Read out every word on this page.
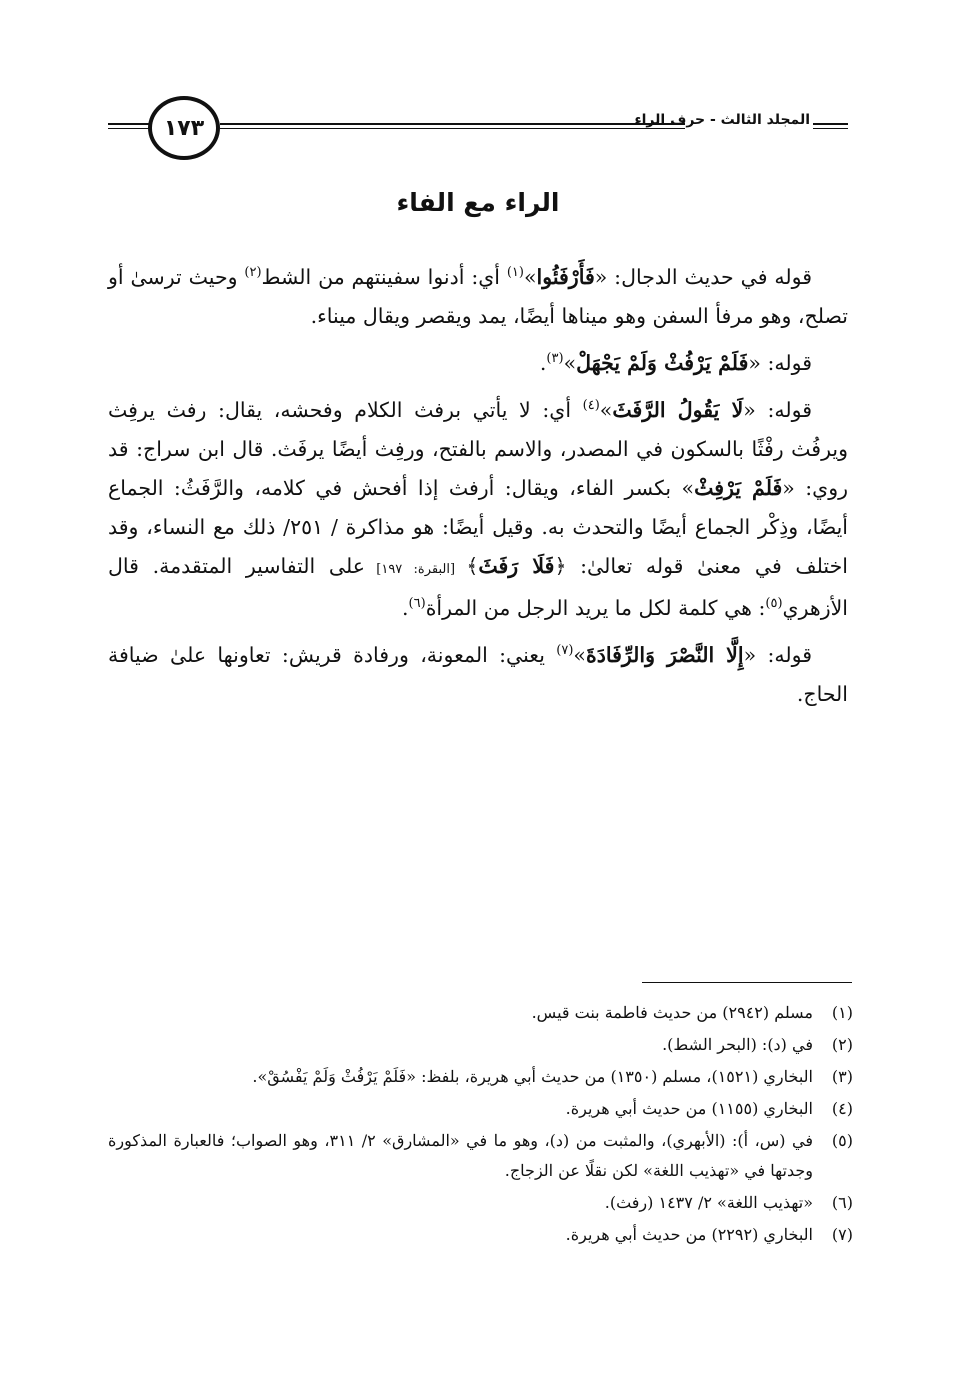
١٧٣	المجلد الثالث - حرف الراء
الراء مع الفاء

قوله في حديث الدجال: «فَأَرْفَئُوا»$^{(١)}$ أي: أدنوا سفينتهم من الشط$^{(٢)}$ وحيث ترسىٰ أو تصلح، وهو مرفأ السفن وهو ميناها أيضًا، يمد ويقصر ويقال ميناء.

قوله: «فَلَمْ يَرْفُثْ وَلَمْ يَجْهَلْ»$^{(٣)}$.

قوله: «لَا يَقُولُ الرَّفَثَ»$^{(٤)}$ أي: لا يأتي برفث الكلام وفحشه، يقال: رفث يرفِث ويرفُث رفْثًا بالسكون في المصدر، والاسم بالفتح، ورفِث أيضًا يرفَث. قال ابن سراج: قد روي: «فَلَمْ يَرْفِثْ» بكسر الفاء، ويقال: أرفث إذا أفحش في كلامه، والرَّفَثُ: الجماع أيضًا، وذِكْر الجماع أيضًا والتحدث به. وقيل أيضًا: هو مذاكرة / ٢٥١/ ذلك مع النساء، وقد اختلف في معنىٰ قوله تعالىٰ: ﴿فَلَا رَفَثَ﴾ [البقرة: ١٩٧] على التفاسير المتقدمة. قال الأزهري$^{(٥)}$: هي كلمة لكل ما يريد الرجل من المرأة$^{(٦)}$.

قوله: «إِلَّا النَّصْرَ وَالرِّفَادَةَ»$^{(٧)}$ يعني: المعونة، ورفادة قريش: تعاونها علىٰ ضيافة الحاج.

(١)
مسلم (٢٩٤٢) من حديث فاطمة بنت قيس.
(٢)
في (د): (البحر الشط).
(٣)
البخاري (١٥٢١)، مسلم (١٣٥٠) من حديث أبي هريرة، بلفظ: «فَلَمْ يَرْفُثْ وَلَمْ يَفْسُقْ».
(٤)
البخاري (١١٥٥) من حديث أبي هريرة.
(٥)
في (س، أ): (الأبهري)، والمثبت من (د)، وهو ما في «المشارق» ٢/ ٣١١، وهو الصواب؛ فالعبارة المذكورة وجدتها في «تهذيب اللغة» لكن نقلًا عن الزجاج.
(٦)
«تهذيب اللغة» ٢/ ١٤٣٧ (رفث).
(٧)
البخاري (٢٢٩٢) من حديث أبي هريرة.
